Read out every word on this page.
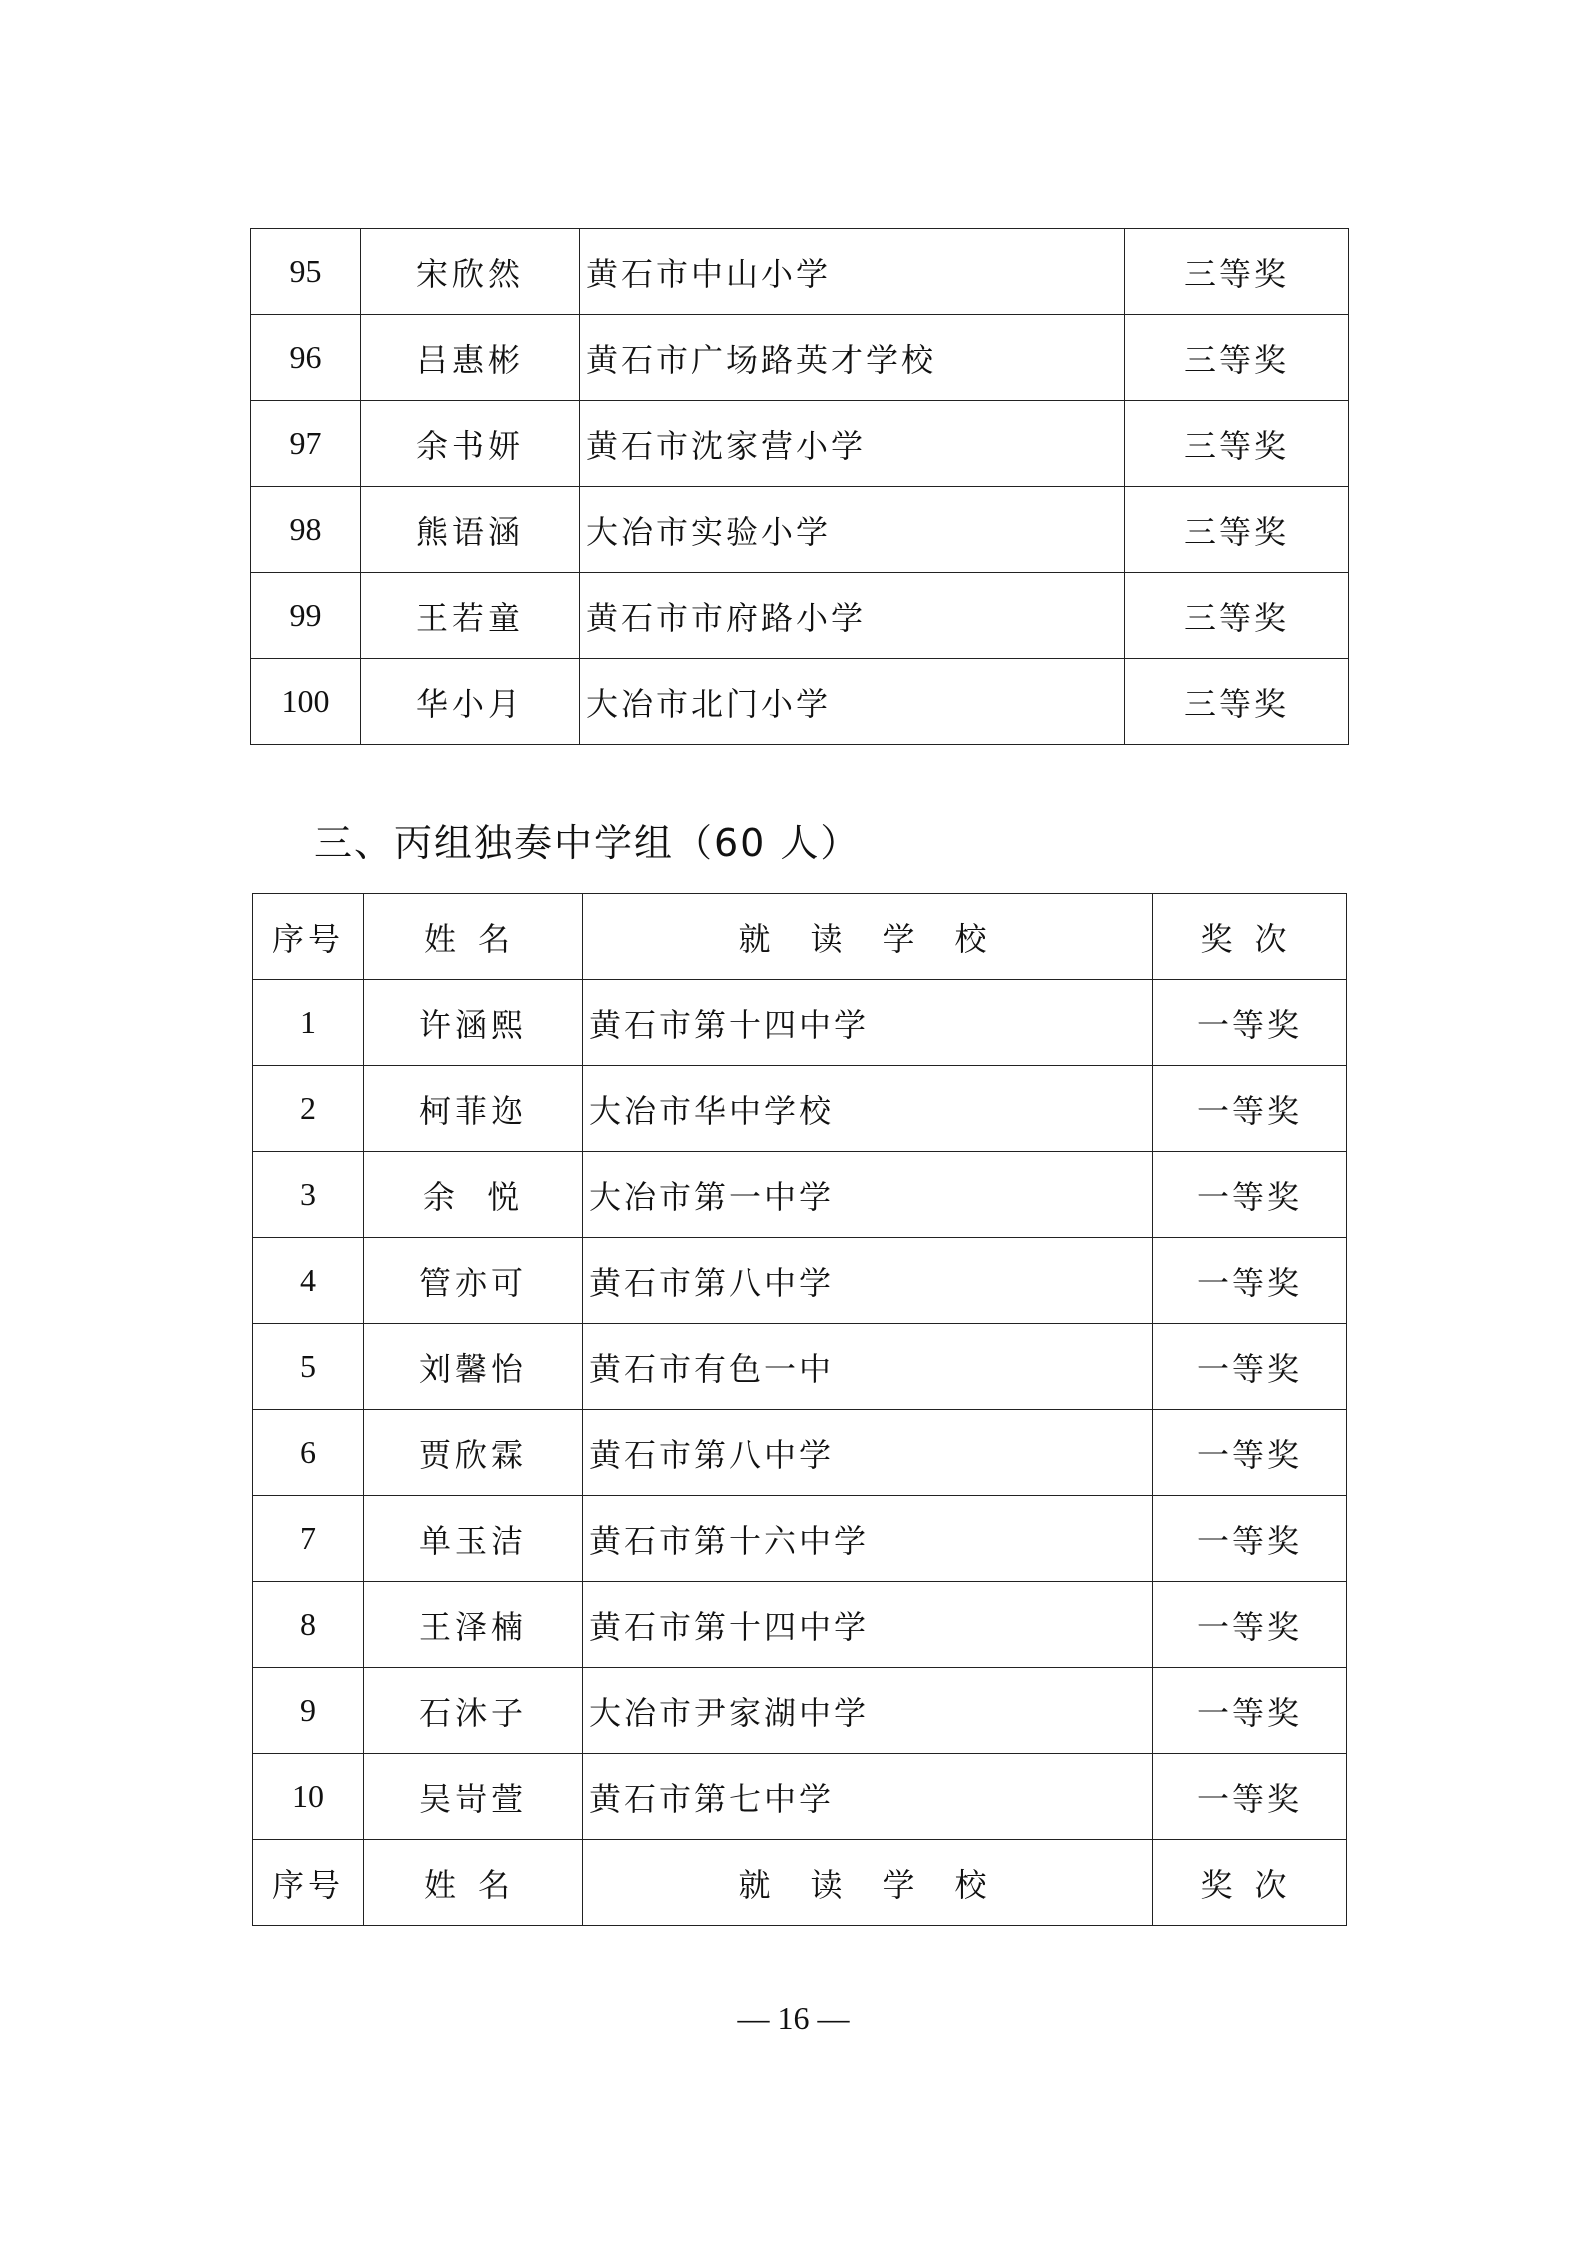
95	宋欣然	黄石市中山小学	三等奖
96	吕惠彬	黄石市广场路英才学校	三等奖
97	余书妍	黄石市沈家营小学	三等奖
98	熊语涵	大冶市实验小学	三等奖
99	王若童	黄石市市府路小学	三等奖
100	华小月	大冶市北门小学	三等奖
三、丙组独奏中学组（60 人）
序号	姓名	就读学校	奖次
1	许涵熙	黄石市第十四中学	一等奖
2	柯菲迩	大冶市华中学校	一等奖
3	余  悦	大冶市第一中学	一等奖
4	管亦可	黄石市第八中学	一等奖
5	刘馨怡	黄石市有色一中	一等奖
6	贾欣霖	黄石市第八中学	一等奖
7	单玉洁	黄石市第十六中学	一等奖
8	王泽楠	黄石市第十四中学	一等奖
9	石沐子	大冶市尹家湖中学	一等奖
10	吴岢萱	黄石市第七中学	一等奖
序号	姓名	就读学校	奖次
— 16 —
